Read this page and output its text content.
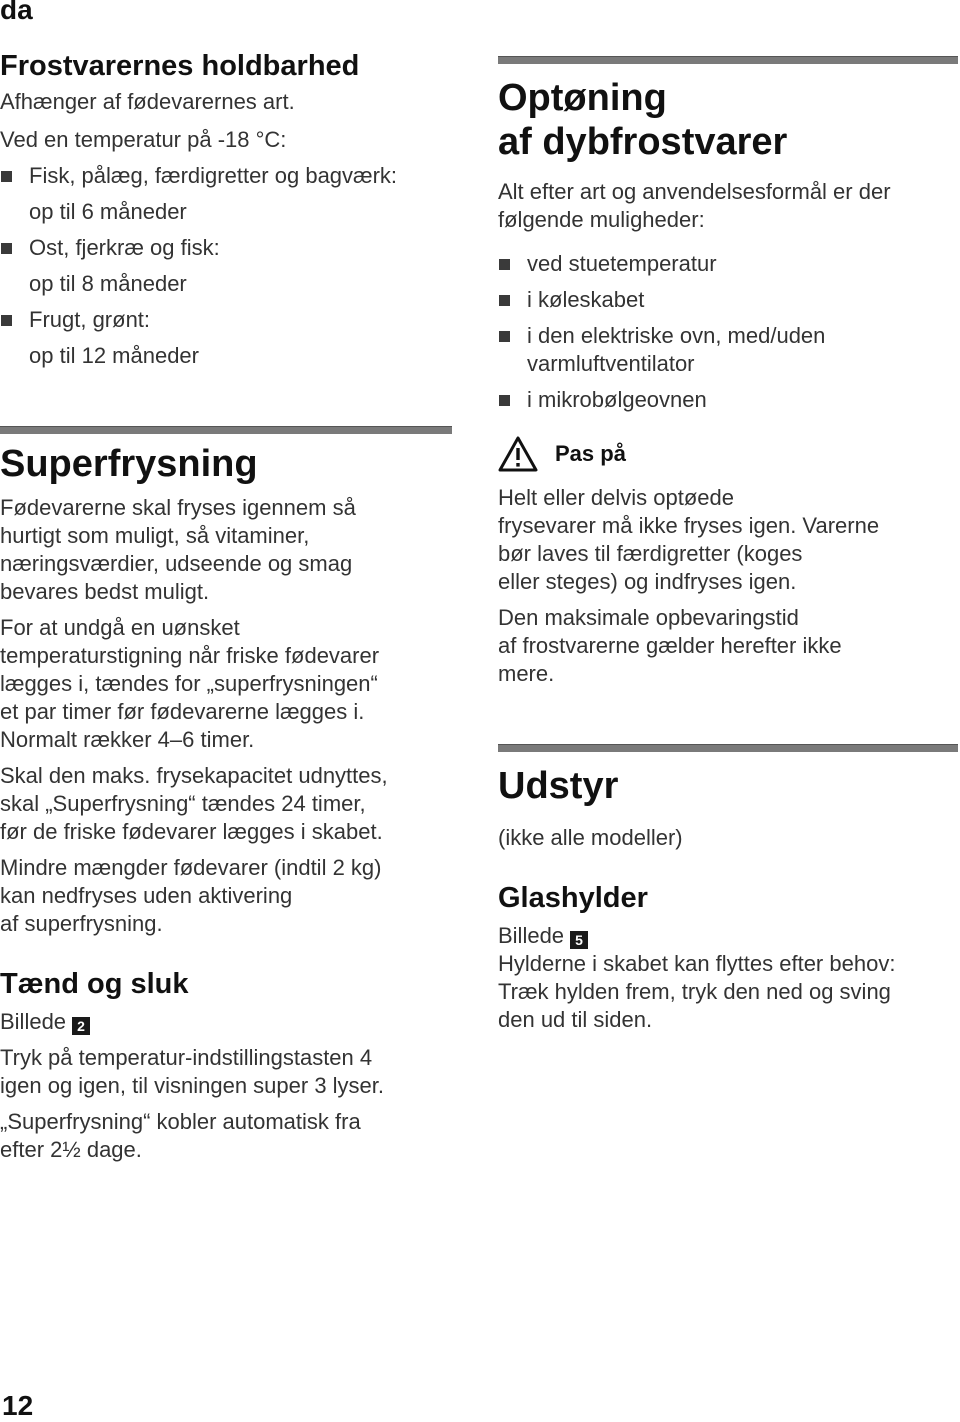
da
Frostvarernes holdbarhed

Afhænger af fødevarernes art.

Ved en temperatur på -18 °C:

Fisk, pålæg, færdigretter og bagværk:
op til 6 måneder
Ost, fjerkræ og fisk:
op til 8 måneder
Frugt, grønt:
op til 12 måneder
Superfrysning

Fødevarerne skal fryses igennem så
hurtigt som muligt, så vitaminer,
næringsværdier, udseende og smag
bevares bedst muligt.

For at undgå en uønsket
temperaturstigning når friske fødevarer
lægges i, tændes for „superfrysningen“
et par timer før fødevarerne lægges i.
Normalt rækker 4–6 timer.

Skal den maks. frysekapacitet udnyttes,
skal „Superfrysning“ tændes 24 timer,
før de friske fødevarer lægges i skabet.

Mindre mængder fødevarer (indtil 2 kg)
kan nedfryses uden aktivering
af superfrysning.

Tænd og sluk

Billede 2

Tryk på temperatur-indstillingstasten 4
igen og igen, til visningen super 3 lyser.

„Superfrysning“ kobler automatisk fra
efter 2½ dage.

Optøning
af dybfrostvarer

Alt efter art og anvendelsesformål er der
følgende muligheder:

ved stuetemperatur
i køleskabet
i den elektriske ovn, med/uden
varmluftventilator
i mikrobølgeovnen
Pas på

Helt eller delvis optøede
frysevarer må ikke fryses igen. Varerne
bør laves til færdigretter (koges
eller steges) og indfryses igen.

Den maksimale opbevaringstid
af frostvarerne gælder herefter ikke
mere.

Udstyr

(ikke alle modeller)

Glashylder

Billede 5

Hylderne i skabet kan flyttes efter behov:
Træk hylden frem, tryk den ned og sving
den ud til siden.

12
